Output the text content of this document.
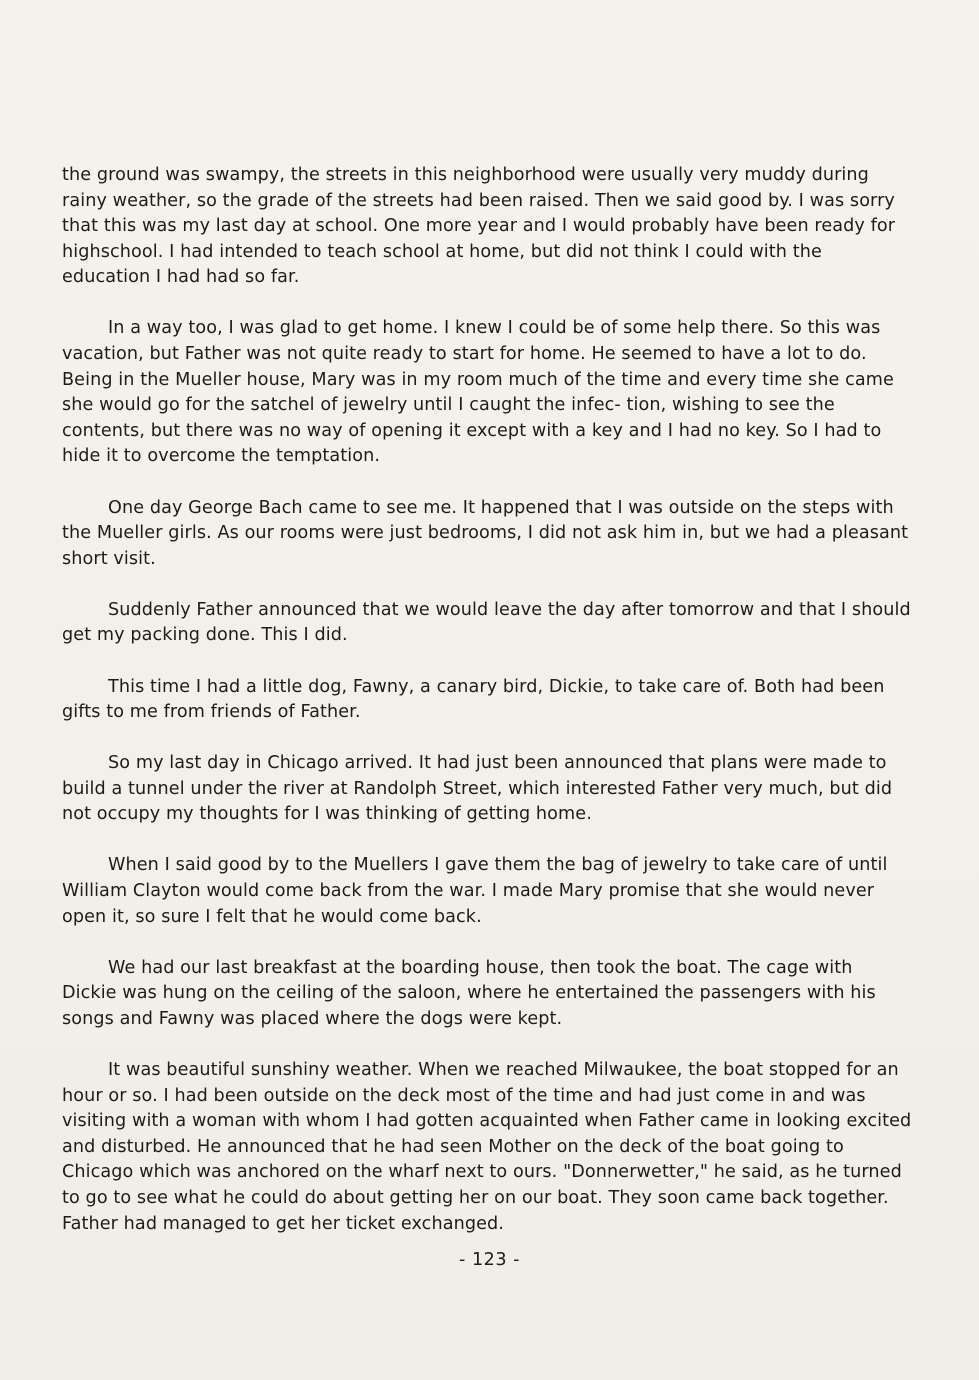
the ground was swampy, the streets in this neighborhood were usually very muddy during rainy weather, so the grade of the streets had been raised. Then we said good by. I was sorry that this was my last day at school. One more year and I would probably have been ready for highschool. I had intended to teach school at home, but did not think I could with the education I had had so far.

In a way too, I was glad to get home. I knew I could be of some help there. So this was vacation, but Father was not quite ready to start for home. He seemed to have a lot to do. Being in the Mueller house, Mary was in my room much of the time and every time she came she would go for the satchel of jewelry until I caught the infec- tion, wishing to see the contents, but there was no way of opening it except with a key and I had no key. So I had to hide it to overcome the temptation.

One day George Bach came to see me. It happened that I was outside on the steps with the Mueller girls. As our rooms were just bedrooms, I did not ask him in, but we had a pleasant short visit.

Suddenly Father announced that we would leave the day after tomorrow and that I should get my packing done. This I did.

This time I had a little dog, Fawny, a canary bird, Dickie, to take care of. Both had been gifts to me from friends of Father.

So my last day in Chicago arrived. It had just been announced that plans were made to build a tunnel under the river at Randolph Street, which interested Father very much, but did not occupy my thoughts for I was thinking of getting home.

When I said good by to the Muellers I gave them the bag of jewelry to take care of until William Clayton would come back from the war. I made Mary promise that she would never open it, so sure I felt that he would come back.

We had our last breakfast at the boarding house, then took the boat. The cage with Dickie was hung on the ceiling of the saloon, where he entertained the passengers with his songs and Fawny was placed where the dogs were kept.

It was beautiful sunshiny weather. When we reached Milwaukee, the boat stopped for an hour or so. I had been outside on the deck most of the time and had just come in and was visiting with a woman with whom I had gotten acquainted when Father came in looking excited and disturbed. He announced that he had seen Mother on the deck of the boat going to Chicago which was anchored on the wharf next to ours. "Donnerwetter," he said, as he turned to go to see what he could do about getting her on our boat. They soon came back together. Father had managed to get her ticket exchanged.

- 123 -
